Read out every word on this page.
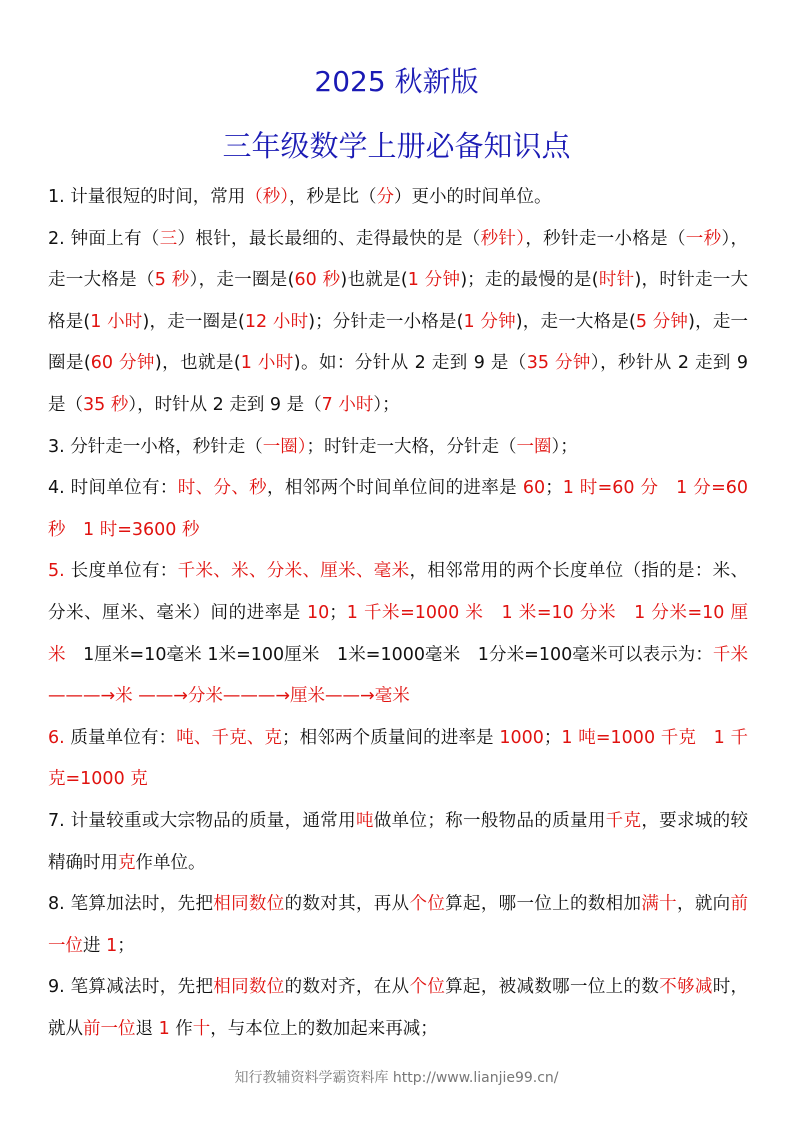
2025 秋新版
三年级数学上册必备知识点

1. 计量很短的时间，常用（秒），秒是比（分）更小的时间单位。

2. 钟面上有（三）根针，最长最细的、走得最快的是（秒针），秒针走一小格是（一秒），走一大格是（5 秒），走一圈是(60 秒)也就是(1 分钟)；走的最慢的是(时针)，时针走一大格是(1 小时)，走一圈是(12 小时)；分针走一小格是(1 分钟)，走一大格是(5 分钟)，走一圈是(60 分钟)，也就是(1 小时)。如：分针从 2 走到 9 是（35 分钟），秒针从 2 走到 9 是（35 秒），时针从 2 走到 9 是（7 小时）；

3. 分针走一小格，秒针走（一圈）；时针走一大格，分针走（一圈）；

4. 时间单位有：时、分、秒，相邻两个时间单位间的进率是 60；1 时=60 分　1 分=60 秒　1 时=3600 秒

5. 长度单位有：千米、米、分米、厘米、毫米，相邻常用的两个长度单位（指的是：米、分米、厘米、毫米）间的进率是 10；1 千米=1000 米　1 米=10 分米　1 分米=10 厘米　1厘米=10毫米 1米=100厘米　1米=1000毫米　1分米=100毫米可以表示为：千米———→米 ——→分米———→厘米——→毫米

6. 质量单位有：吨、千克、克；相邻两个质量间的进率是 1000；1 吨=1000 千克　1 千克=1000 克

7. 计量较重或大宗物品的质量，通常用吨做单位；称一般物品的质量用千克，要求城的较精确时用克作单位。

8. 笔算加法时，先把相同数位的数对其，再从个位算起，哪一位上的数相加满十，就向前一位进 1；

9. 笔算减法时，先把相同数位的数对齐，在从个位算起，被减数哪一位上的数不够减时，就从前一位退 1 作十，与本位上的数加起来再减；

知行教辅资料学霸资料库 http://www.lianjie99.cn/
